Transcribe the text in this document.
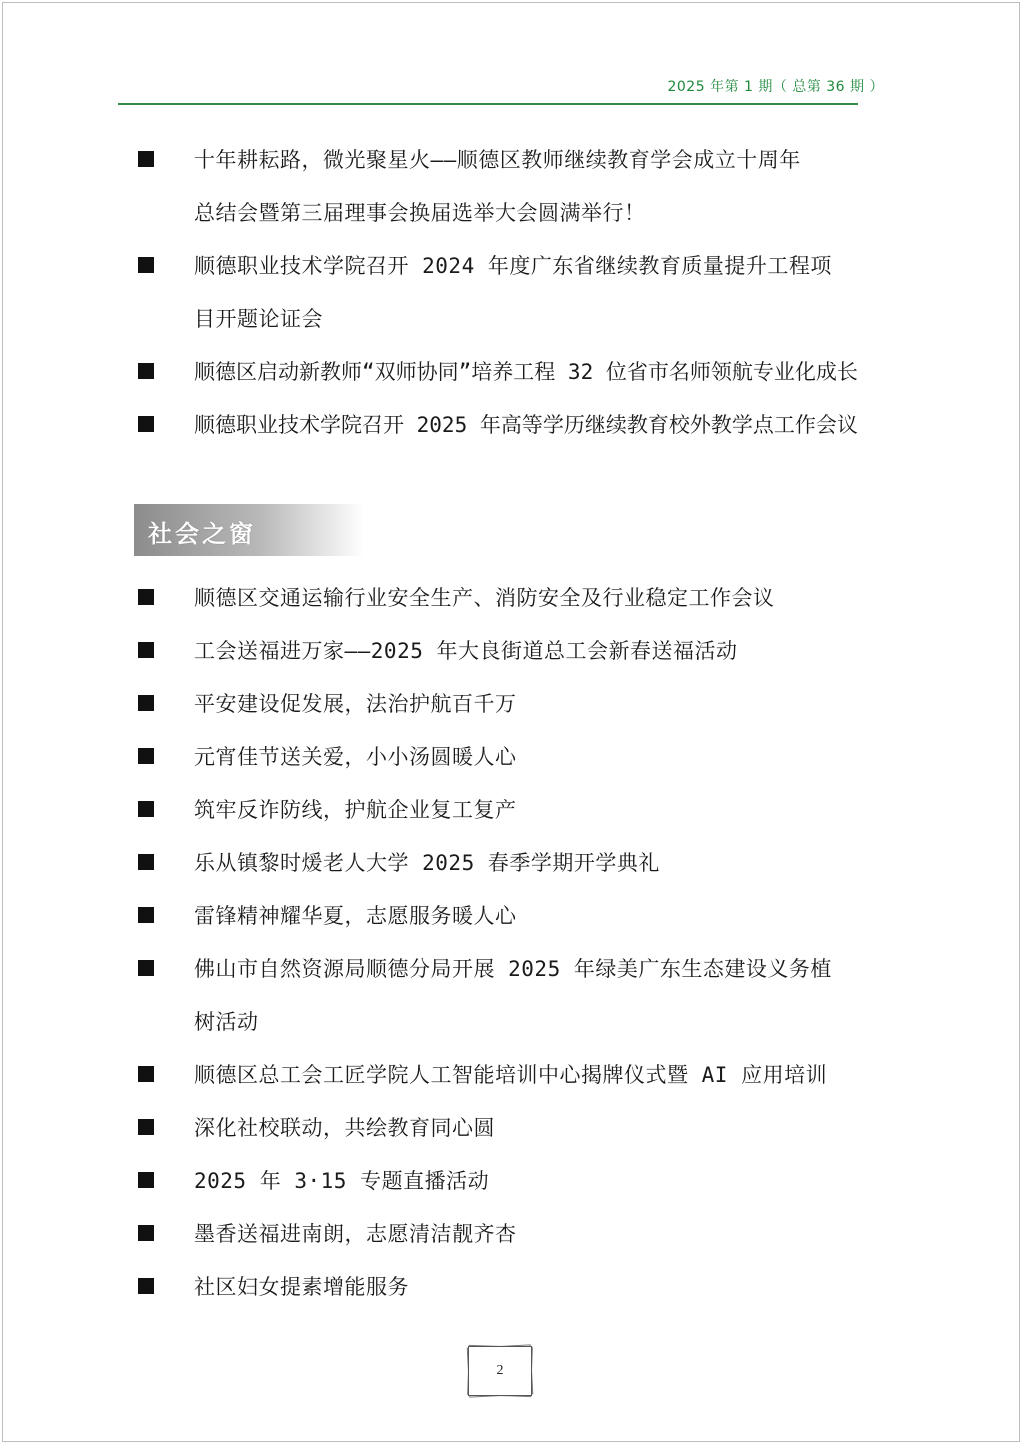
2025 年第 1 期（ 总第 36 期 ）
十年耕耘路，微光聚星火——顺德区教师继续教育学会成立十周年
总结会暨第三届理事会换届选举大会圆满举行！
顺德职业技术学院召开 2024 年度广东省继续教育质量提升工程项
目开题论证会
顺德区启动新教师“双师协同”培养工程 32 位省市名师领航专业化成长
顺德职业技术学院召开 2025 年高等学历继续教育校外教学点工作会议
社会之窗
顺德区交通运输行业安全生产、消防安全及行业稳定工作会议
工会送福进万家——2025 年大良街道总工会新春送福活动
平安建设促发展，法治护航百千万
元宵佳节送关爱，小小汤圆暖人心
筑牢反诈防线，护航企业复工复产
乐从镇黎时煖老人大学 2025 春季学期开学典礼
雷锋精神耀华夏，志愿服务暖人心
佛山市自然资源局顺德分局开展 2025 年绿美广东生态建设义务植
树活动
顺德区总工会工匠学院人工智能培训中心揭牌仪式暨 AI 应用培训
深化社校联动，共绘教育同心圆
2025 年 3·15 专题直播活动
墨香送福进南朗，志愿清洁靓齐杏
社区妇女提素增能服务
2
